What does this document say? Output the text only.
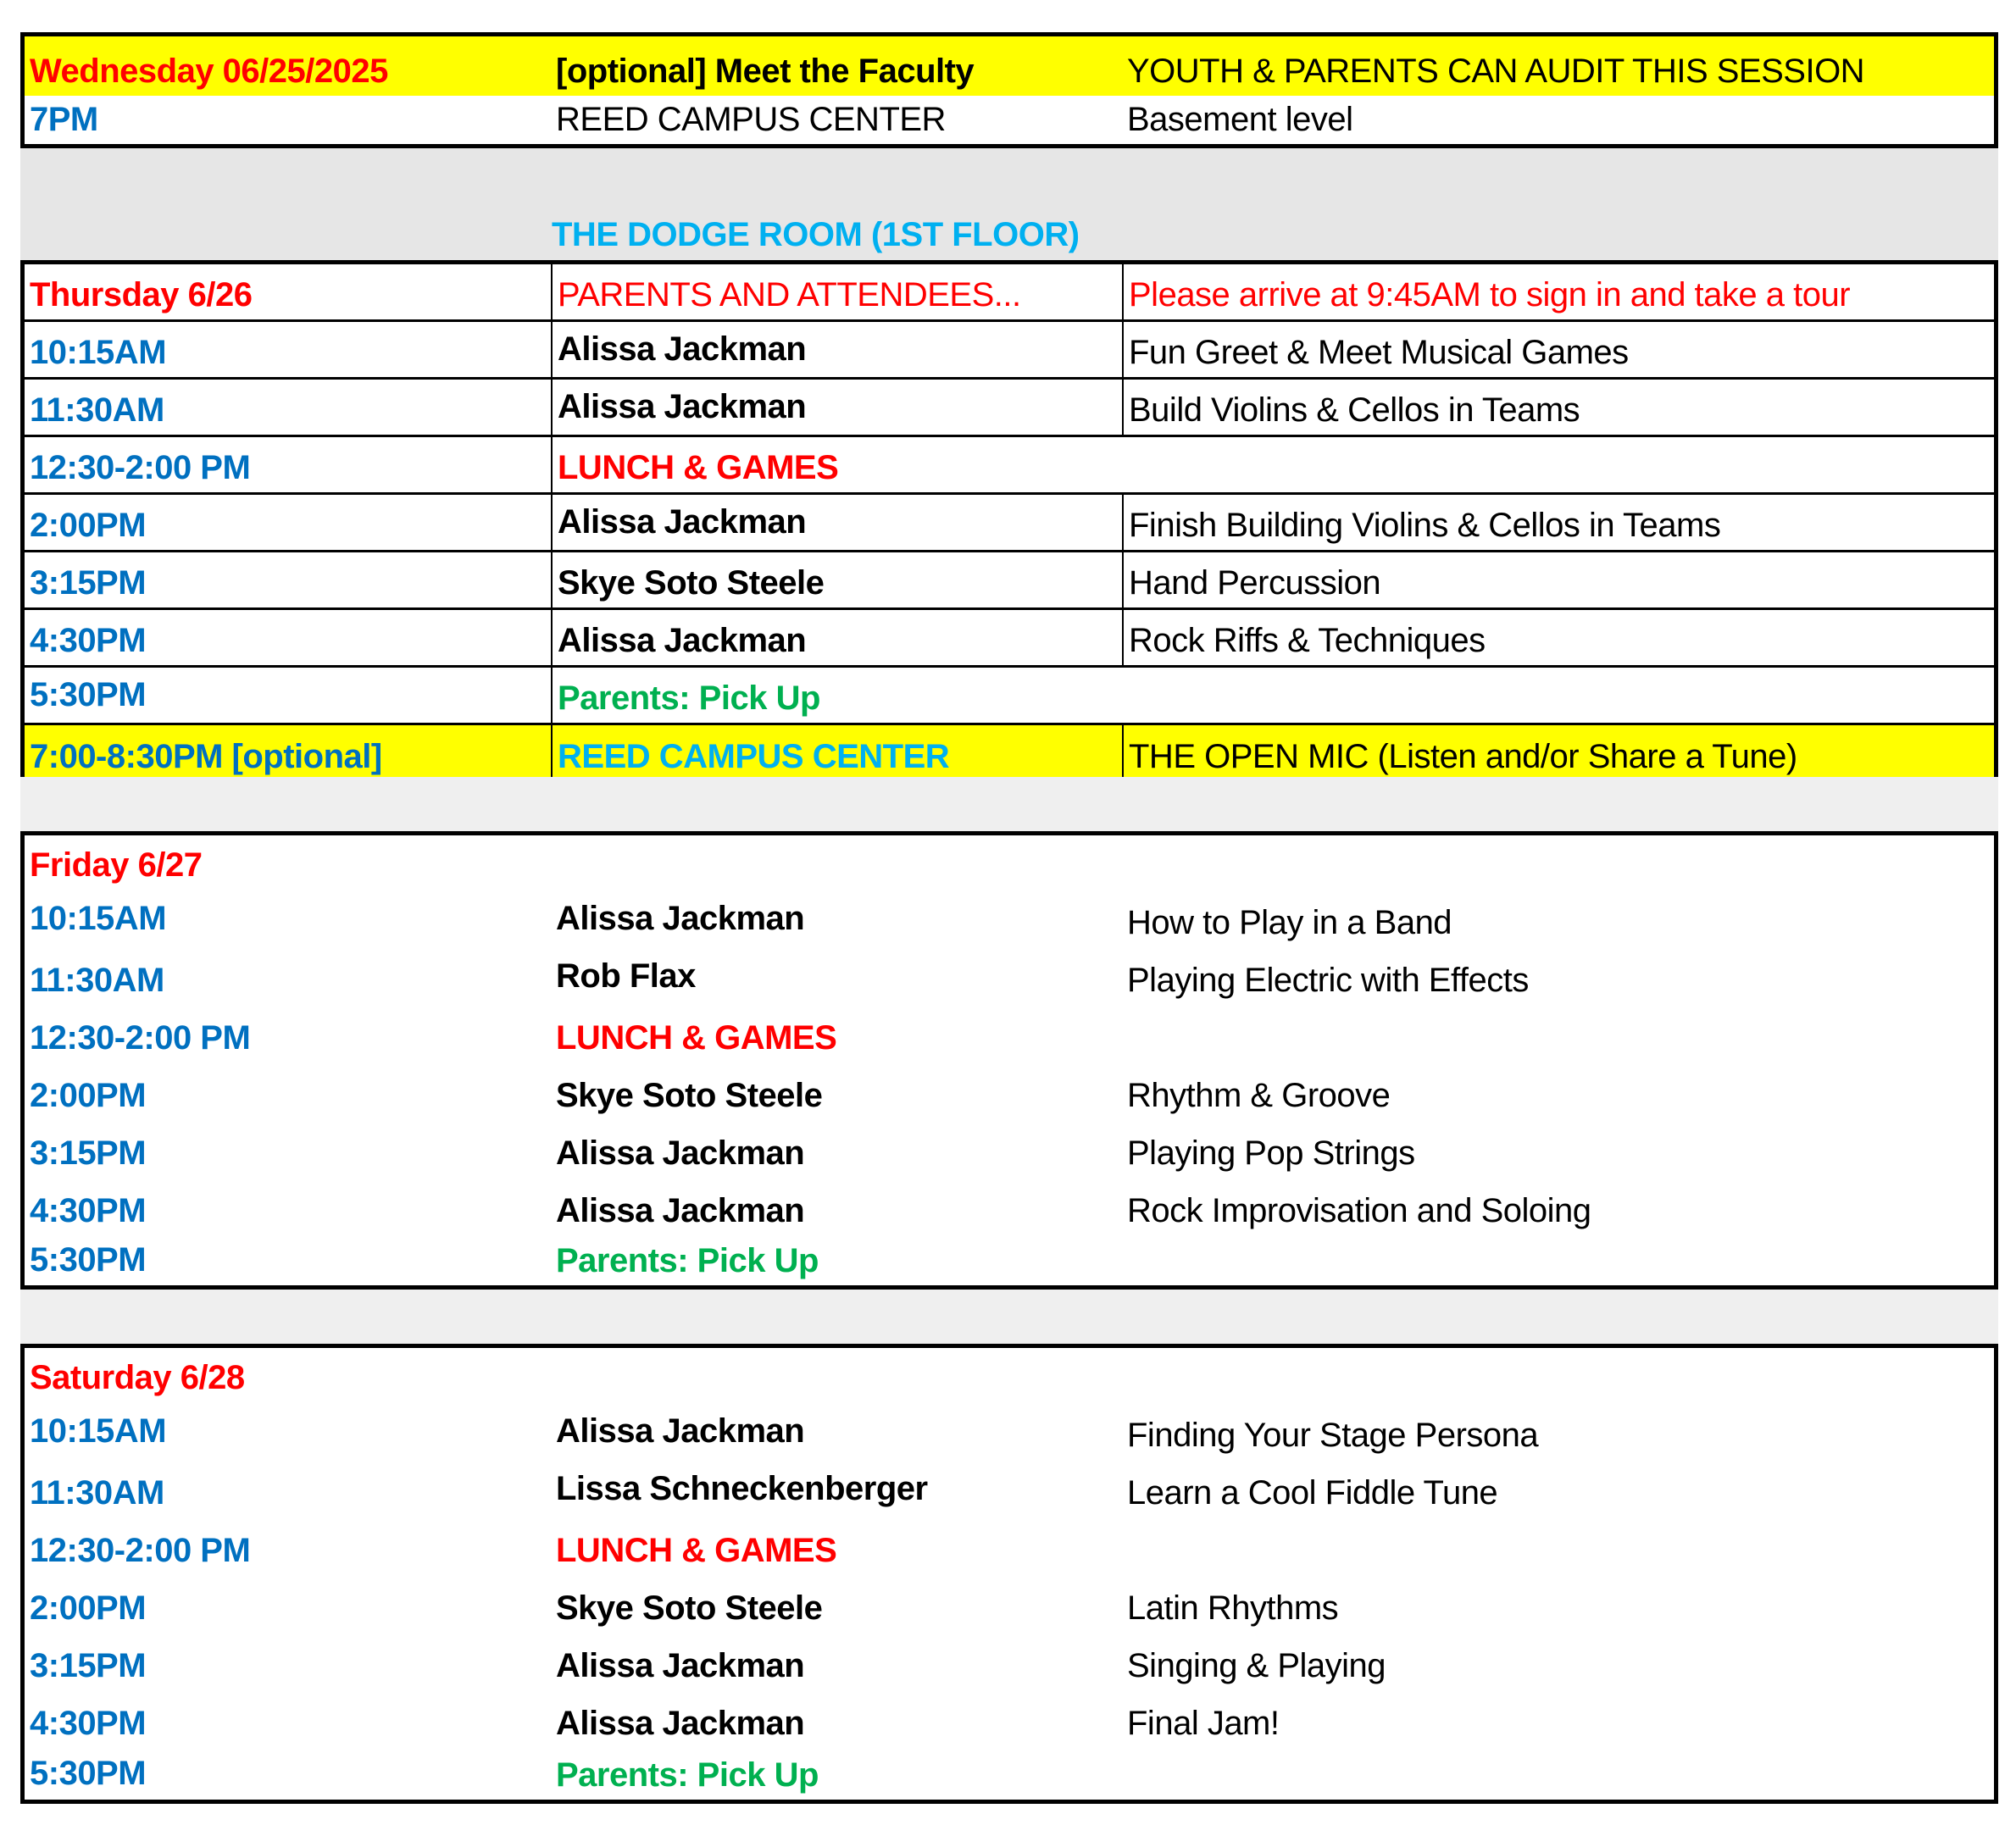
Wednesday 06/25/2025	[optional] Meet the Faculty	YOUTH & PARENTS CAN AUDIT THIS SESSION
7PM	REED CAMPUS CENTER	Basement level
THE DODGE ROOM (1ST FLOOR)
Thursday 6/26	PARENTS AND ATTENDEES...	Please arrive at 9:45AM to sign in and take a tour
10:15AM	Alissa Jackman	Fun Greet & Meet Musical Games
11:30AM	Alissa Jackman	Build Violins & Cellos in Teams
12:30-2:00 PM	LUNCH & GAMES
2:00PM	Alissa Jackman	Finish Building Violins & Cellos in Teams
3:15PM	Skye Soto Steele	Hand Percussion
4:30PM	Alissa Jackman	Rock Riffs & Techniques
5:30PM	Parents: Pick Up
7:00-8:30PM [optional]	REED CAMPUS CENTER	THE OPEN MIC (Listen and/or Share a Tune)
Friday 6/27
10:15AM	Alissa Jackman	How to Play in a Band
11:30AM	Rob Flax	Playing Electric with Effects
12:30-2:00 PM	LUNCH & GAMES
2:00PM	Skye Soto Steele	Rhythm & Groove
3:15PM	Alissa Jackman	Playing Pop Strings
4:30PM	Alissa Jackman	Rock Improvisation and Soloing
5:30PM	Parents: Pick Up
Saturday 6/28
10:15AM	Alissa Jackman	Finding Your Stage Persona
11:30AM	Lissa Schneckenberger	Learn a Cool Fiddle Tune
12:30-2:00 PM	LUNCH & GAMES
2:00PM	Skye Soto Steele	Latin Rhythms
3:15PM	Alissa Jackman	Singing & Playing
4:30PM	Alissa Jackman	Final Jam!
5:30PM	Parents: Pick Up
